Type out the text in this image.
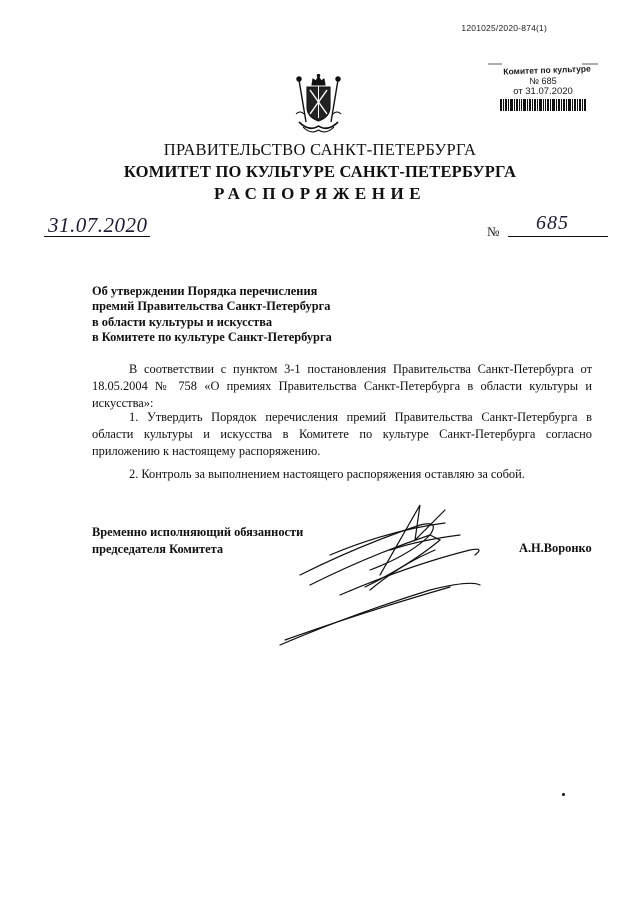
1201025/2020-874(1)
Комитет по культуре
№ 685
от 31.07.2020
ПРАВИТЕЛЬСТВО САНКТ-ПЕТЕРБУРГА
КОМИТЕТ ПО КУЛЬТУРЕ САНКТ-ПЕТЕРБУРГА
РАСПОРЯЖЕНИЕ
31.07.2020	№ 685
Об утверждении Порядка перечисления
премий Правительства Санкт-Петербурга
в области культуры и искусства
в Комитете по культуре Санкт-Петербурга
В соответствии с пунктом 3-1 постановления Правительства Санкт-Петербурга от 18.05.2004 № 758 «О премиях Правительства Санкт-Петербурга в области культуры и искусства»:
1. Утвердить Порядок перечисления премий Правительства Санкт-Петербурга в области культуры и искусства в Комитете по культуре Санкт-Петербурга согласно приложению к настоящему распоряжению.
2. Контроль за выполнением настоящего распоряжения оставляю за собой.
Временно исполняющий обязанности
председателя Комитета	А.Н.Воронко
